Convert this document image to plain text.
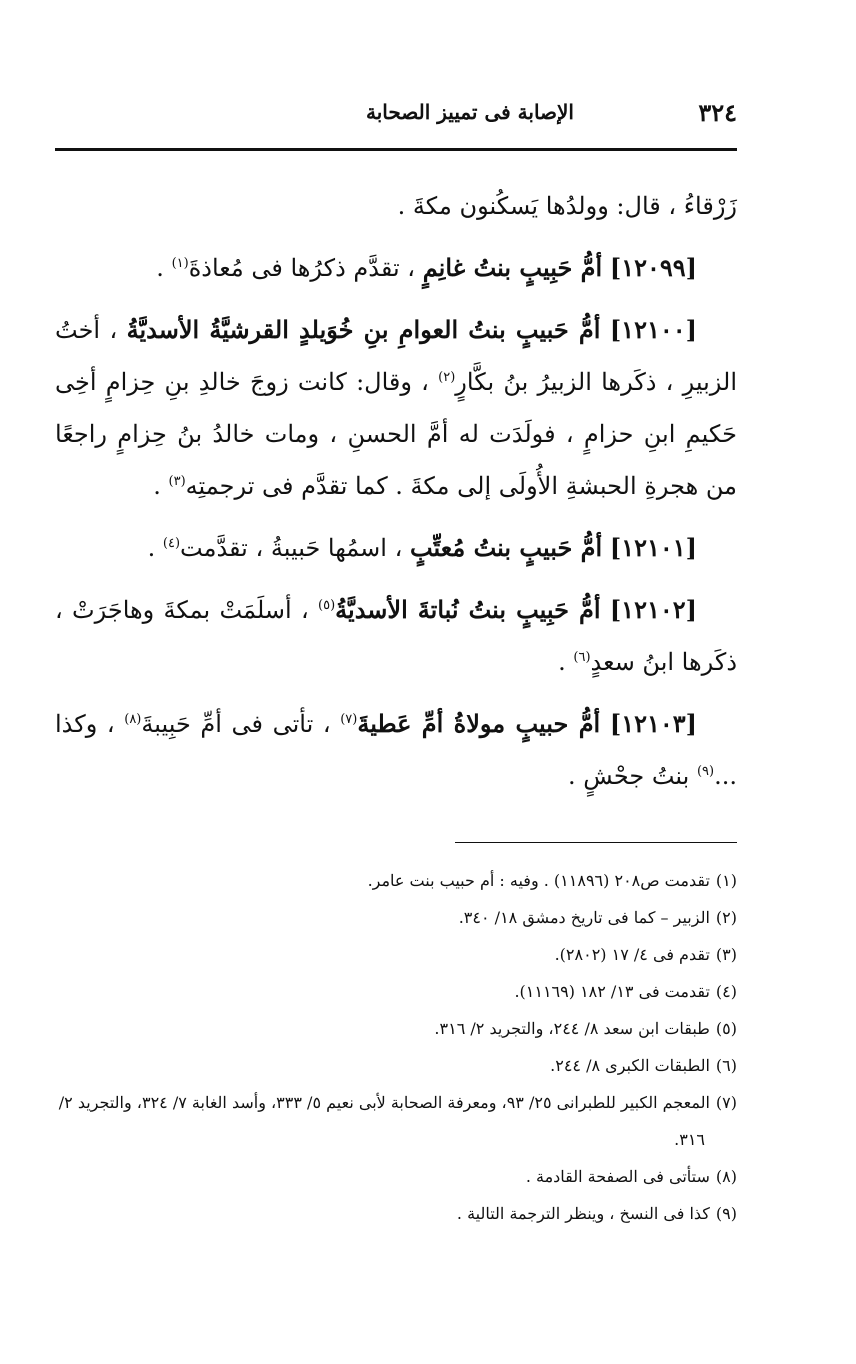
٣٢٤
الإصابة فى تمييز الصحابة

زَرْقاءُ ، قال: وولدُها يَسكُنون مكةَ .

[١٢٠٩٩] أمُّ حَبِيبٍ بنتُ غانِمٍ ، تقدَّم ذكرُها فى مُعاذةَ$^{(١)}$ .

[١٢١٠٠] أمُّ حَبيبٍ بنتُ العوامِ بنِ خُوَيلدٍ القرشيَّةُ الأسديَّةُ ، أختُ الزبيرِ ، ذكَرها الزبيرُ بنُ بكَّارٍ$^{(٢)}$ ، وقال: كانت زوجَ خالدِ بنِ حِزامٍ أخِى حَكيمِ ابنِ حزامٍ ، فولَدَت له أمَّ الحسنِ ، ومات خالدُ بنُ حِزامٍ راجعًا من هجرةِ الحبشةِ الأُولَى إلى مكةَ . كما تقدَّم فى ترجمتِه$^{(٣)}$ .

[١٢١٠١] أمُّ حَبيبٍ بنتُ مُعتِّبٍ ، اسمُها حَبيبةُ ، تقدَّمت$^{(٤)}$ .

[١٢١٠٢] أمُّ حَبِيبٍ بنتُ نُباتةَ الأسديَّةُ$^{(٥)}$ ، أسلَمَتْ بمكةَ وهاجَرَتْ ، ذكَرها ابنُ سعدٍ$^{(٦)}$ .

[١٢١٠٣] أمُّ حبيبٍ مولاةُ أمِّ عَطيةَ$^{(٧)}$ ، تأتى فى أمِّ حَبِيبةَ$^{(٨)}$ ، وكذا ...$^{(٩)}$ بنتُ جحْشٍ .

(١)تقدمت ص٢٠٨ (١١٨٩٦) . وفيه : أم حبيب بنت عامر.

(٢)الزبير – كما فى تاريخ دمشق ١٨/ ٣٤٠.

(٣)تقدم فى ٤/ ١٧ (٢٨٠٢).

(٤)تقدمت فى ١٣/ ١٨٢ (١١١٦٩).

(٥)طبقات ابن سعد ٨/ ٢٤٤، والتجريد ٢/ ٣١٦.

(٦)الطبقات الكبرى ٨/ ٢٤٤.

(٧)المعجم الكبير للطبرانى ٢٥/ ٩٣، ومعرفة الصحابة لأبى نعيم ٥/ ٣٣٣، وأسد الغابة ٧/ ٣٢٤، والتجريد ٢/ ٣١٦.

(٨)ستأتى فى الصفحة القادمة .

(٩)كذا فى النسخ ، وينظر الترجمة التالية .
